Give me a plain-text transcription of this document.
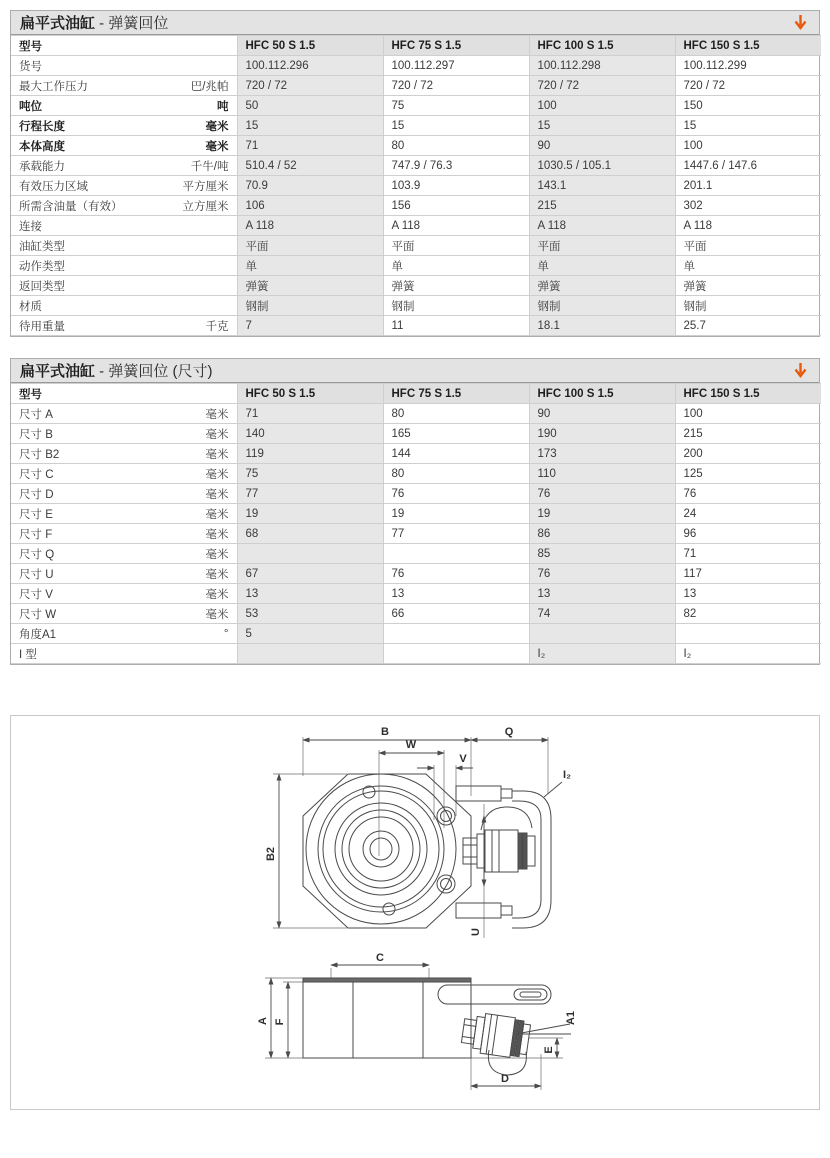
扁平式油缸 - 弹簧回位
型号	HFC 50 S 1.5	HFC 75 S 1.5	HFC 100 S 1.5	HFC 150 S 1.5
货号	100.112.296	100.112.297	100.112.298	100.112.299
最大工作压力 巴/兆帕	720 / 72	720 / 72	720 / 72	720 / 72
吨位 吨	50	75	100	150
行程长度 毫米	15	15	15	15
本体高度 毫米	71	80	90	100
承载能力 千牛/吨	510.4 / 52	747.9 / 76.3	1030.5 / 105.1	1447.6 / 147.6
有效压力区域 平方厘米	70.9	103.9	143.1	201.1
所需含油量（有效） 立方厘米	106	156	215	302
连接	A 118	A 118	A 118	A 118
油缸类型	平面	平面	平面	平面
动作类型	单	单	单	单
返回类型	弹簧	弹簧	弹簧	弹簧
材质	钢制	钢制	钢制	钢制
待用重量 千克	7	11	18.1	25.7
扁平式油缸 - 弹簧回位 (尺寸)
型号	HFC 50 S 1.5	HFC 75 S 1.5	HFC 100 S 1.5	HFC 150 S 1.5
尺寸 A 毫米	71	80	90	100
尺寸 B 毫米	140	165	190	215
尺寸 B2 毫米	119	144	173	200
尺寸 C 毫米	75	80	110	125
尺寸 D 毫米	77	76	76	76
尺寸 E 毫米	19	19	19	24
尺寸 F 毫米	68	77	86	96
尺寸 Q 毫米			85	71
尺寸 U 毫米	67	76	76	117
尺寸 V 毫米	13	13	13	13
尺寸 W 毫米	53	66	74	82
角度A1 °	5			
I 型			I₂	I₂
B	Q
W
V
I₂
B2
U
C
A F	A1
E
D
